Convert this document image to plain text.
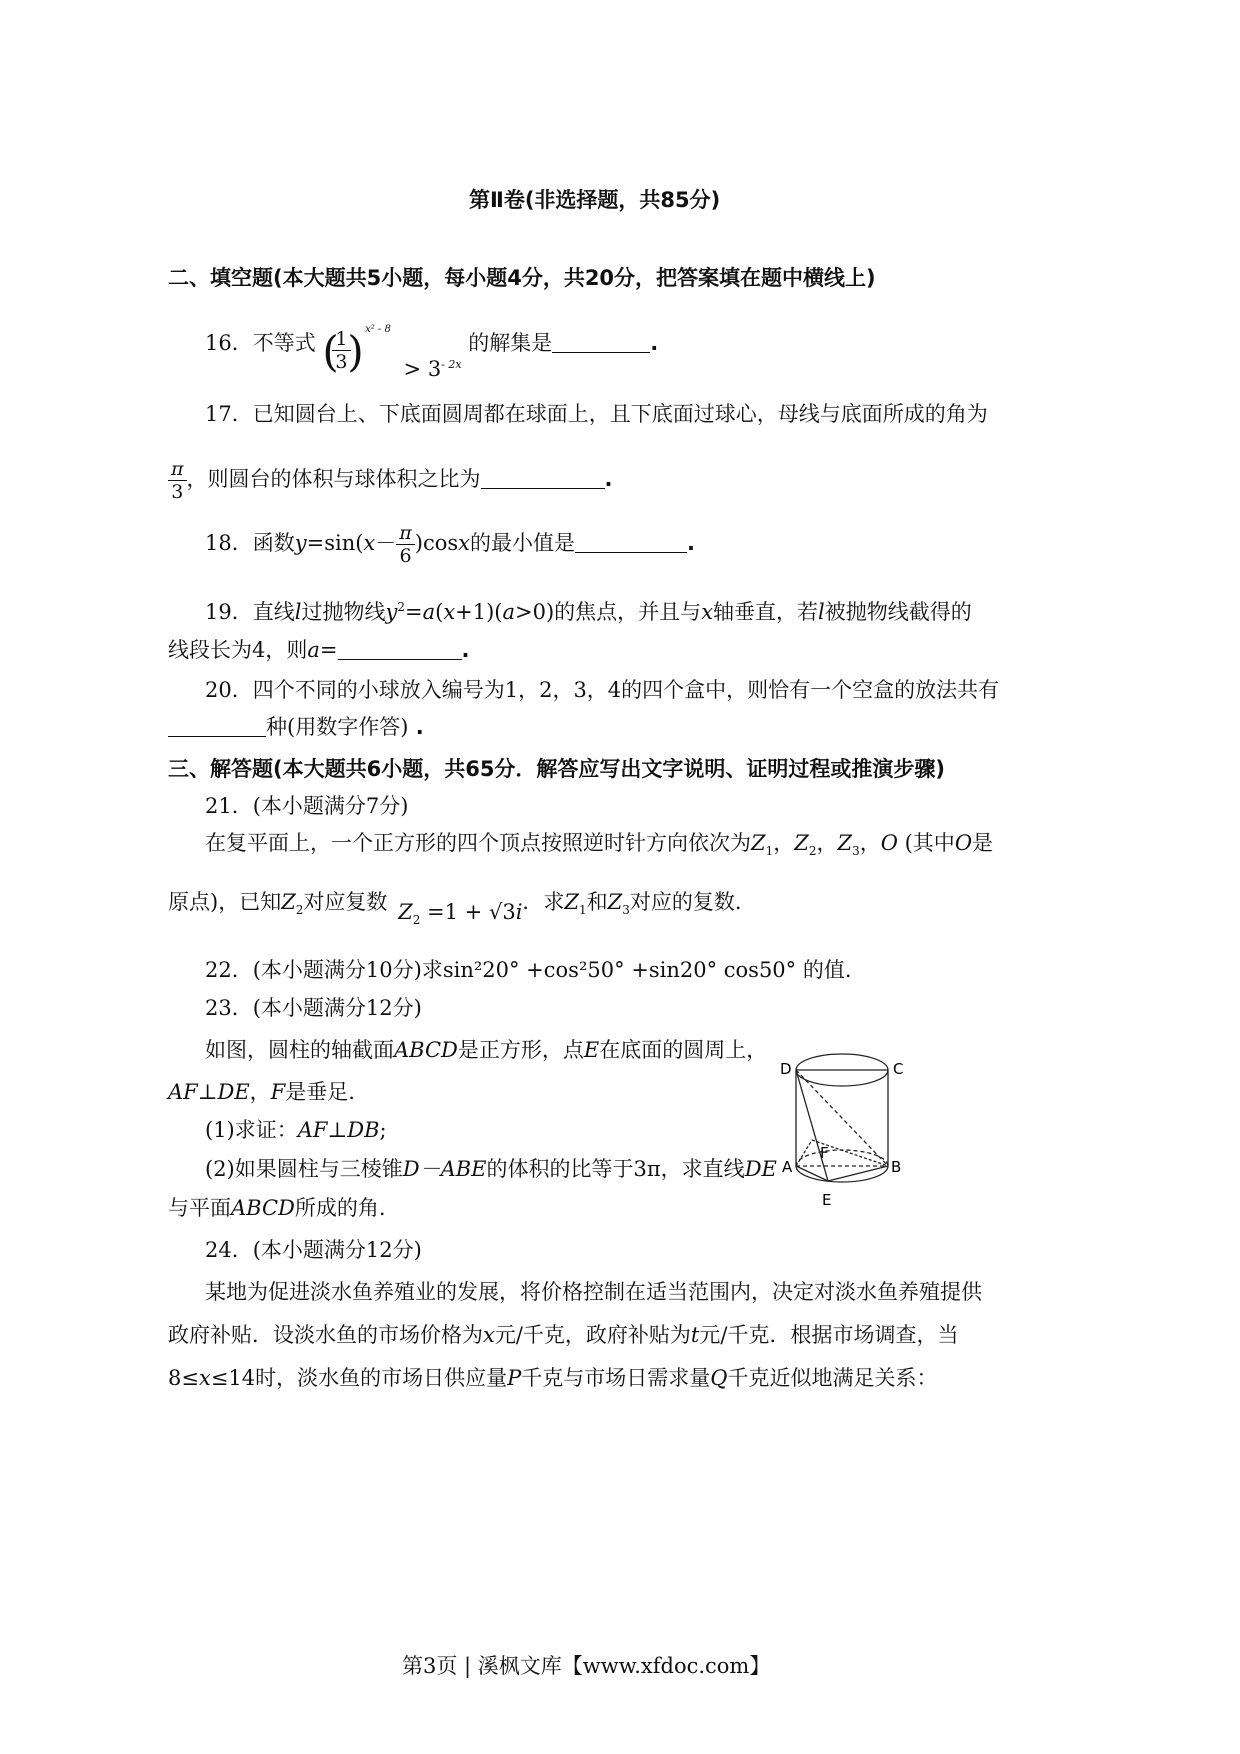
第Ⅱ卷(非选择题，共85分)
二、填空题(本大题共5小题，每小题4分，共20分，把答案填在题中横线上)
16．不等式 (
$\frac{1}{3}$
) $^{x^2 - 8} > 3^{- 2x}$ 的解集是	.
17．已知圆台上、下底面圆周都在球面上，且下底面过球心，母线与底面所成的角为
$\frac{\pi}{3}$ ，则圆台的体积与球体积之比为	.
18．函数$y=\sin(x- \frac{\pi}{6} )\cos x$的最小值是	.
19．直线l过抛物线$y^2=a(x+1)(a>0)$的焦点，并且与x轴垂直，若l被抛物线截得的
线段长为4，则a=	.
20．四个不同的小球放入编号为1，2，3，4的四个盒中，则恰有一个空盒的放法共有
种(用数字作答) .
三、解答题(本大题共6小题，共65分．解答应写出文字说明、证明过程或推演步骤)
21．(本小题满分7分)
在复平面上，一个正方形的四个顶点按照逆时针方向依次为$Z_1$，$Z_2$，$Z_3$，O (其中O是
原点)，已知$Z_2$对应复数 $Z_2 =1 + √3i$．求$Z_1$和$Z_3$对应的复数.
22．(本小题满分10分)求sin²20° +cos²50° +sin20° cos50° 的值.
23．(本小题满分12分)
如图，圆柱的轴截面ABCD是正方形，点E在底面的圆周上，
AF⊥DE，F是垂足.
(1)求证：AF⊥DB;
(2)如果圆柱与三棱锥D－ABE的体积的比等于3π，求直线DE
与平面ABCD所成的角.
D	C
A	B
F
E
24．(本小题满分12分)
某地为促进淡水鱼养殖业的发展，将价格控制在适当范围内，决定对淡水鱼养殖提供
政府补贴．设淡水鱼的市场价格为x元/千克，政府补贴为t元/千克．根据市场调查，当
8≤x≤14时，淡水鱼的市场日供应量P千克与市场日需求量Q千克近似地满足关系：
第3页 | 溪枫文库【www.xfdoc.com】
